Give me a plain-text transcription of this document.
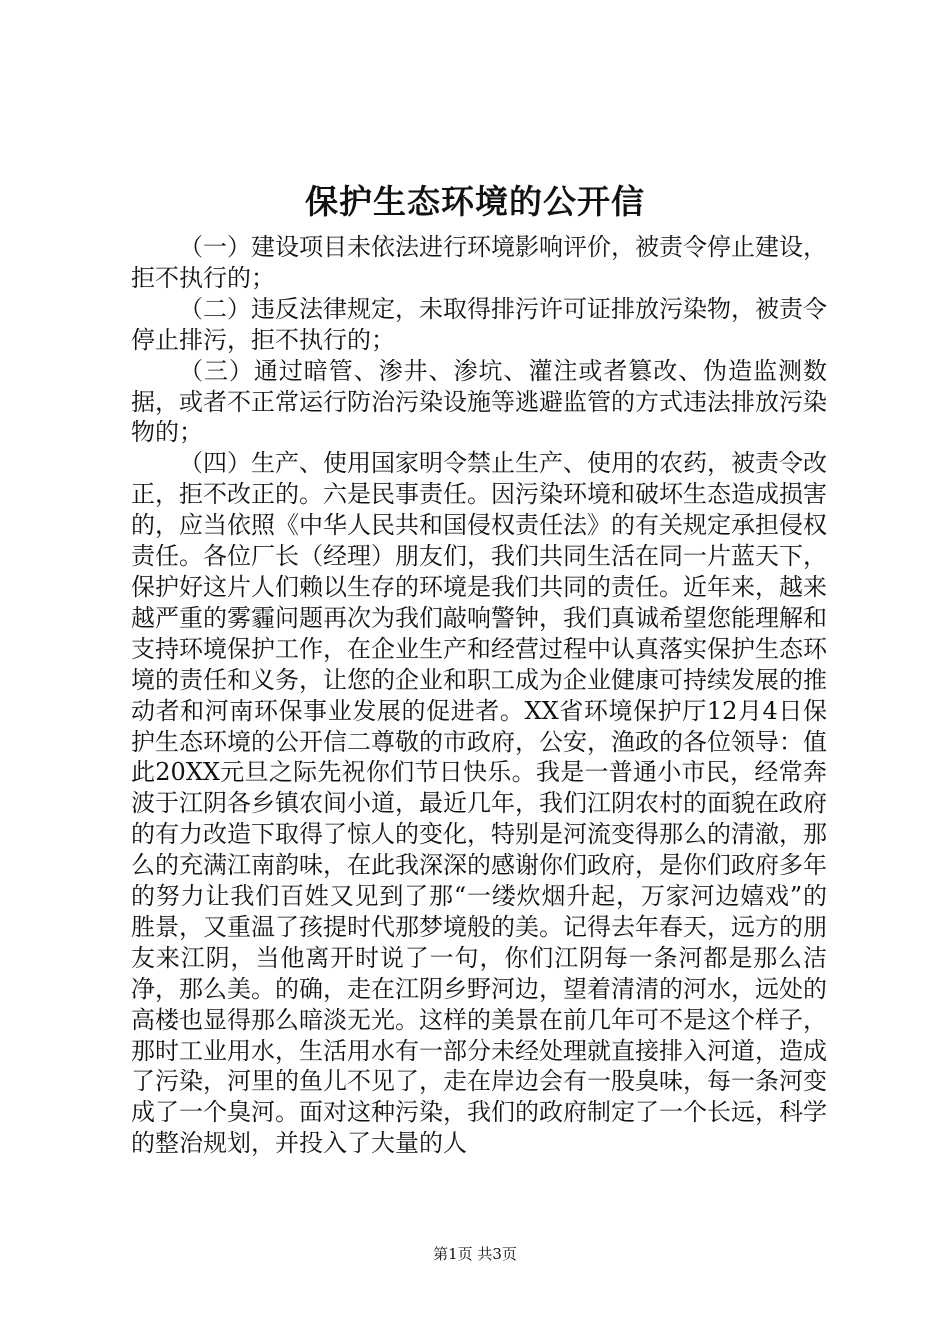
保护生态环境的公开信

（一）建设项目未依法进行环境影响评价，被责令停止建设，拒不执行的；

（二）违反法律规定，未取得排污许可证排放污染物，被责令停止排污，拒不执行的；

（三）通过暗管、渗井、渗坑、灌注或者篡改、伪造监测数据，或者不正常运行防治污染设施等逃避监管的方式违法排放污染物的；

（四）生产、使用国家明令禁止生产、使用的农药，被责令改正，拒不改正的。六是民事责任。因污染环境和破坏生态造成损害的，应当依照《中华人民共和国侵权责任法》的有关规定承担侵权责任。各位厂长（经理）朋友们，我们共同生活在同一片蓝天下，保护好这片人们赖以生存的环境是我们共同的责任。近年来，越来越严重的雾霾问题再次为我们敲响警钟，我们真诚希望您能理解和支持环境保护工作，在企业生产和经营过程中认真落实保护生态环境的责任和义务，让您的企业和职工成为企业健康可持续发展的推动者和河南环保事业发展的促进者。XX省环境保护厅12月4日保护生态环境的公开信二尊敬的市政府，公安，渔政的各位领导：值此20XX元旦之际先祝你们节日快乐。我是一普通小市民，经常奔波于江阴各乡镇农间小道，最近几年，我们江阴农村的面貌在政府的有力改造下取得了惊人的变化，特别是河流变得那么的清澈，那么的充满江南韵味，在此我深深的感谢你们政府，是你们政府多年的努力让我们百姓又见到了那“一缕炊烟升起，万家河边嬉戏”的胜景，又重温了孩提时代那梦境般的美。记得去年春天，远方的朋友来江阴，当他离开时说了一句，你们江阴每一条河都是那么洁净，那么美。的确，走在江阴乡野河边，望着清清的河水，远处的高楼也显得那么暗淡无光。这样的美景在前几年可不是这个样子，那时工业用水，生活用水有一部分未经处理就直接排入河道，造成了污染，河里的鱼儿不见了，走在岸边会有一股臭味，每一条河变成了一个臭河。面对这种污染，我们的政府制定了一个长远，科学的整治规划，并投入了大量的人

第1页 共3页
